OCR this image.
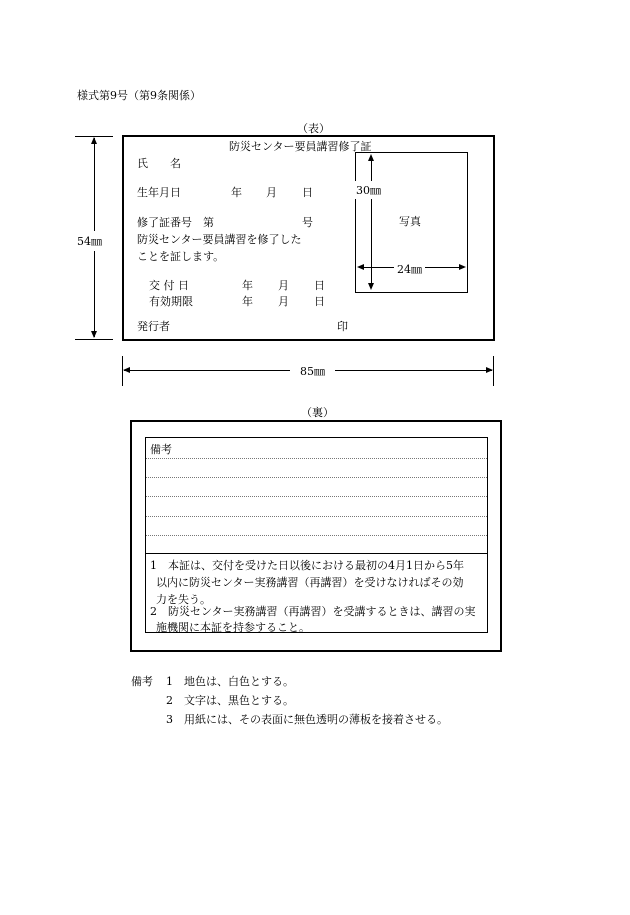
様式第9号（第9条関係）
（表）
54㎜
防災センター要員講習修了証
氏　　名
生年月日	年 月 日
修了証番号　第	号
防災センター要員講習を修了した
ことを証します。
交 付 日	年 月 日
有効期限	年 月 日
発行者	印
写真
30㎜
24㎜
85㎜
（裏）
備考
1　本証は、交付を受けた日以後における最初の4月1日から5年
以内に防災センター実務講習（再講習）を受けなければその効
力を失う。
2　防災センター実務講習（再講習）を受講するときは、講習の実
施機関に本証を持参すること。
備考 1　地色は、白色とする。
2　文字は、黒色とする。
3　用紙には、その表面に無色透明の薄板を接着させる。
